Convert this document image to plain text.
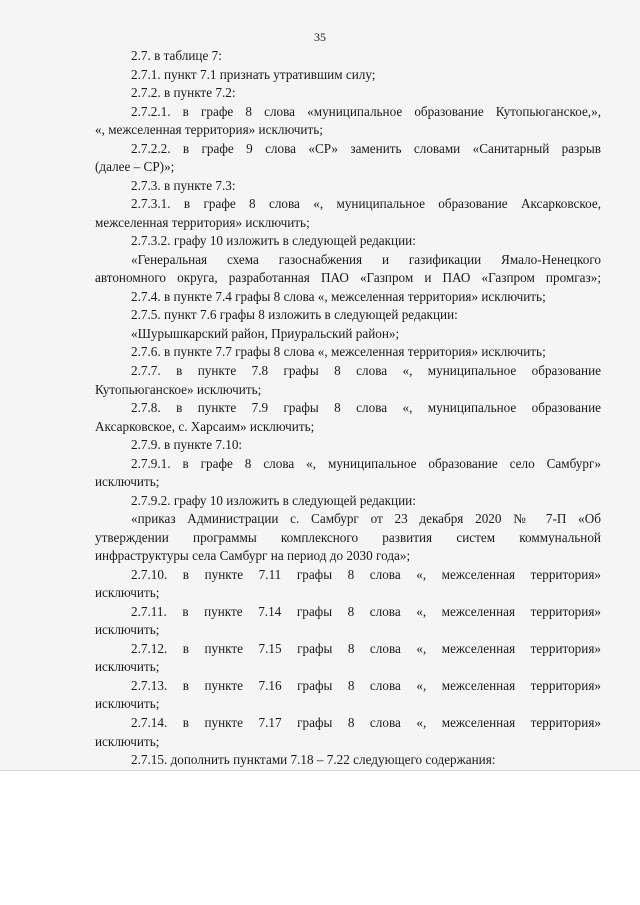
35
2.7. в таблице 7:
2.7.1. пункт 7.1 признать утратившим силу;
2.7.2. в пункте 7.2:
2.7.2.1. в графе 8 слова «муниципальное образование Кутопьюганское,»,
«, межселенная территория» исключить;
2.7.2.2. в графе 9 слова «СР» заменить словами «Санитарный разрыв
(далее – СР)»;
2.7.3. в пункте 7.3:
2.7.3.1. в графе 8 слова «, муниципальное образование Аксарковское,
межселенная территория» исключить;
2.7.3.2. графу 10 изложить в следующей редакции:
«Генеральная схема газоснабжения и газификации Ямало-Ненецкого
автономного округа, разработанная ПАО «Газпром и ПАО «Газпром промгаз»;
2.7.4. в пункте 7.4 графы 8 слова «, межселенная территория» исключить;
2.7.5. пункт 7.6 графы 8 изложить в следующей редакции:
«Шурышкарский район, Приуральский район»;
2.7.6. в пункте 7.7 графы 8 слова «, межселенная территория» исключить;
2.7.7. в пункте 7.8 графы 8 слова «, муниципальное образование
Кутопьюганское» исключить;
2.7.8. в пункте 7.9 графы 8 слова «, муниципальное образование
Аксарковское, с. Харсаим» исключить;
2.7.9. в пункте 7.10:
2.7.9.1. в графе 8 слова «, муниципальное образование село Самбург»
исключить;
2.7.9.2. графу 10 изложить в следующей редакции:
«приказ Администрации с. Самбург от 23 декабря 2020 № 7-П «Об
утверждении программы комплексного развития систем коммунальной
инфраструктуры села Самбург на период до 2030 года»;
2.7.10. в пункте 7.11 графы 8 слова «, межселенная территория»
исключить;
2.7.11. в пункте 7.14 графы 8 слова «, межселенная территория»
исключить;
2.7.12. в пункте 7.15 графы 8 слова «, межселенная территория»
исключить;
2.7.13. в пункте 7.16 графы 8 слова «, межселенная территория»
исключить;
2.7.14. в пункте 7.17 графы 8 слова «, межселенная территория»
исключить;
2.7.15. дополнить пунктами 7.18 – 7.22 следующего содержания:
